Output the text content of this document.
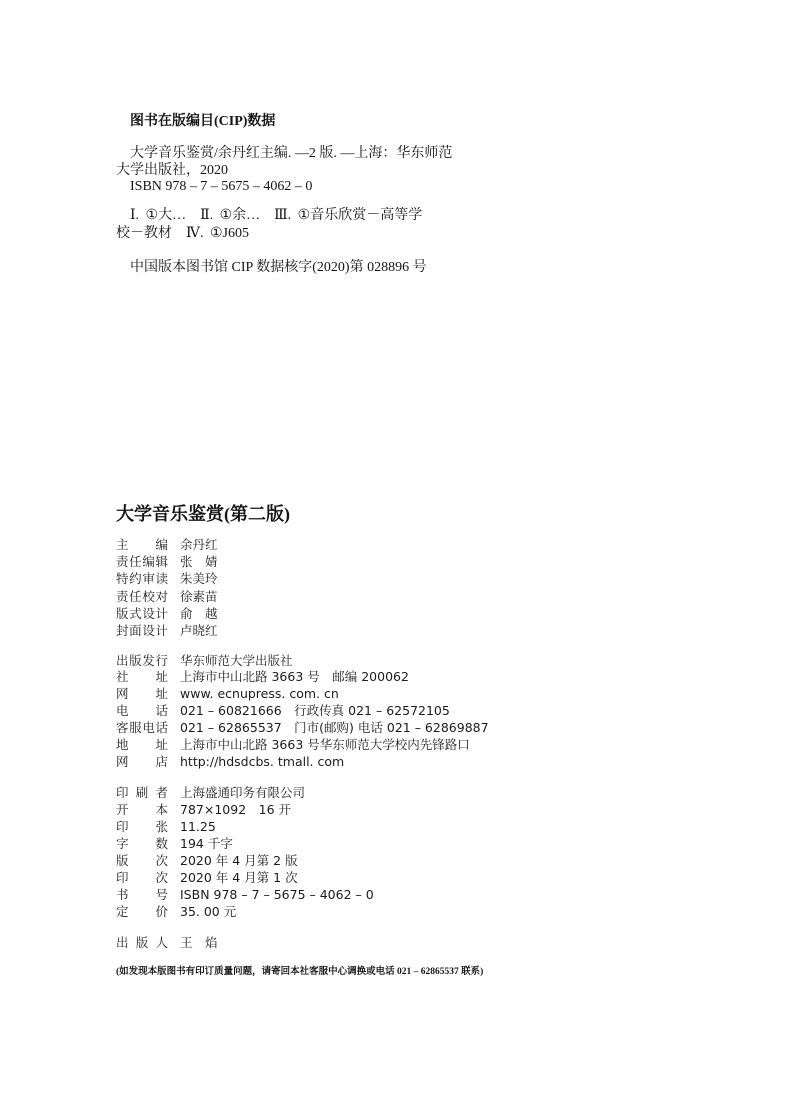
图书在版编目(CIP)数据
大学音乐鉴赏/余丹红主编. —2 版. —上海：华东师范
大学出版社，2020
ISBN 978 – 7 – 5675 – 4062 – 0
Ⅰ. ①大…　Ⅱ. ①余…　Ⅲ. ①音乐欣赏－高等学
校－教材　Ⅳ. ①J605
中国版本图书馆 CIP 数据核字(2020)第 028896 号
大学音乐鉴赏(第二版)
主　　编 余丹红
责任编辑 张　婧
特约审读 朱美玲
责任校对 徐素苗
版式设计 俞　越
封面设计 卢晓红
出版发行 华东师范大学出版社
社　　址 上海市中山北路 3663 号　邮编 200062
网　　址 www. ecnupress. com. cn
电　　话 021 – 60821666　行政传真 021 – 62572105
客服电话 021 – 62865537　门市(邮购) 电话 021 – 62869887
地　　址 上海市中山北路 3663 号华东师范大学校内先锋路口
网　　店 http://hdsdcbs. tmall. com
印 刷 者 上海盛通印务有限公司
开　　本 787×1092　16 开
印　　张 11.25
字　　数 194 千字
版　　次 2020 年 4 月第 2 版
印　　次 2020 年 4 月第 1 次
书　　号 ISBN 978 – 7 – 5675 – 4062 – 0
定　　价 35. 00 元
出 版 人 王　焰
(如发现本版图书有印订质量问题，请寄回本社客服中心调换或电话 021 – 62865537 联系)
